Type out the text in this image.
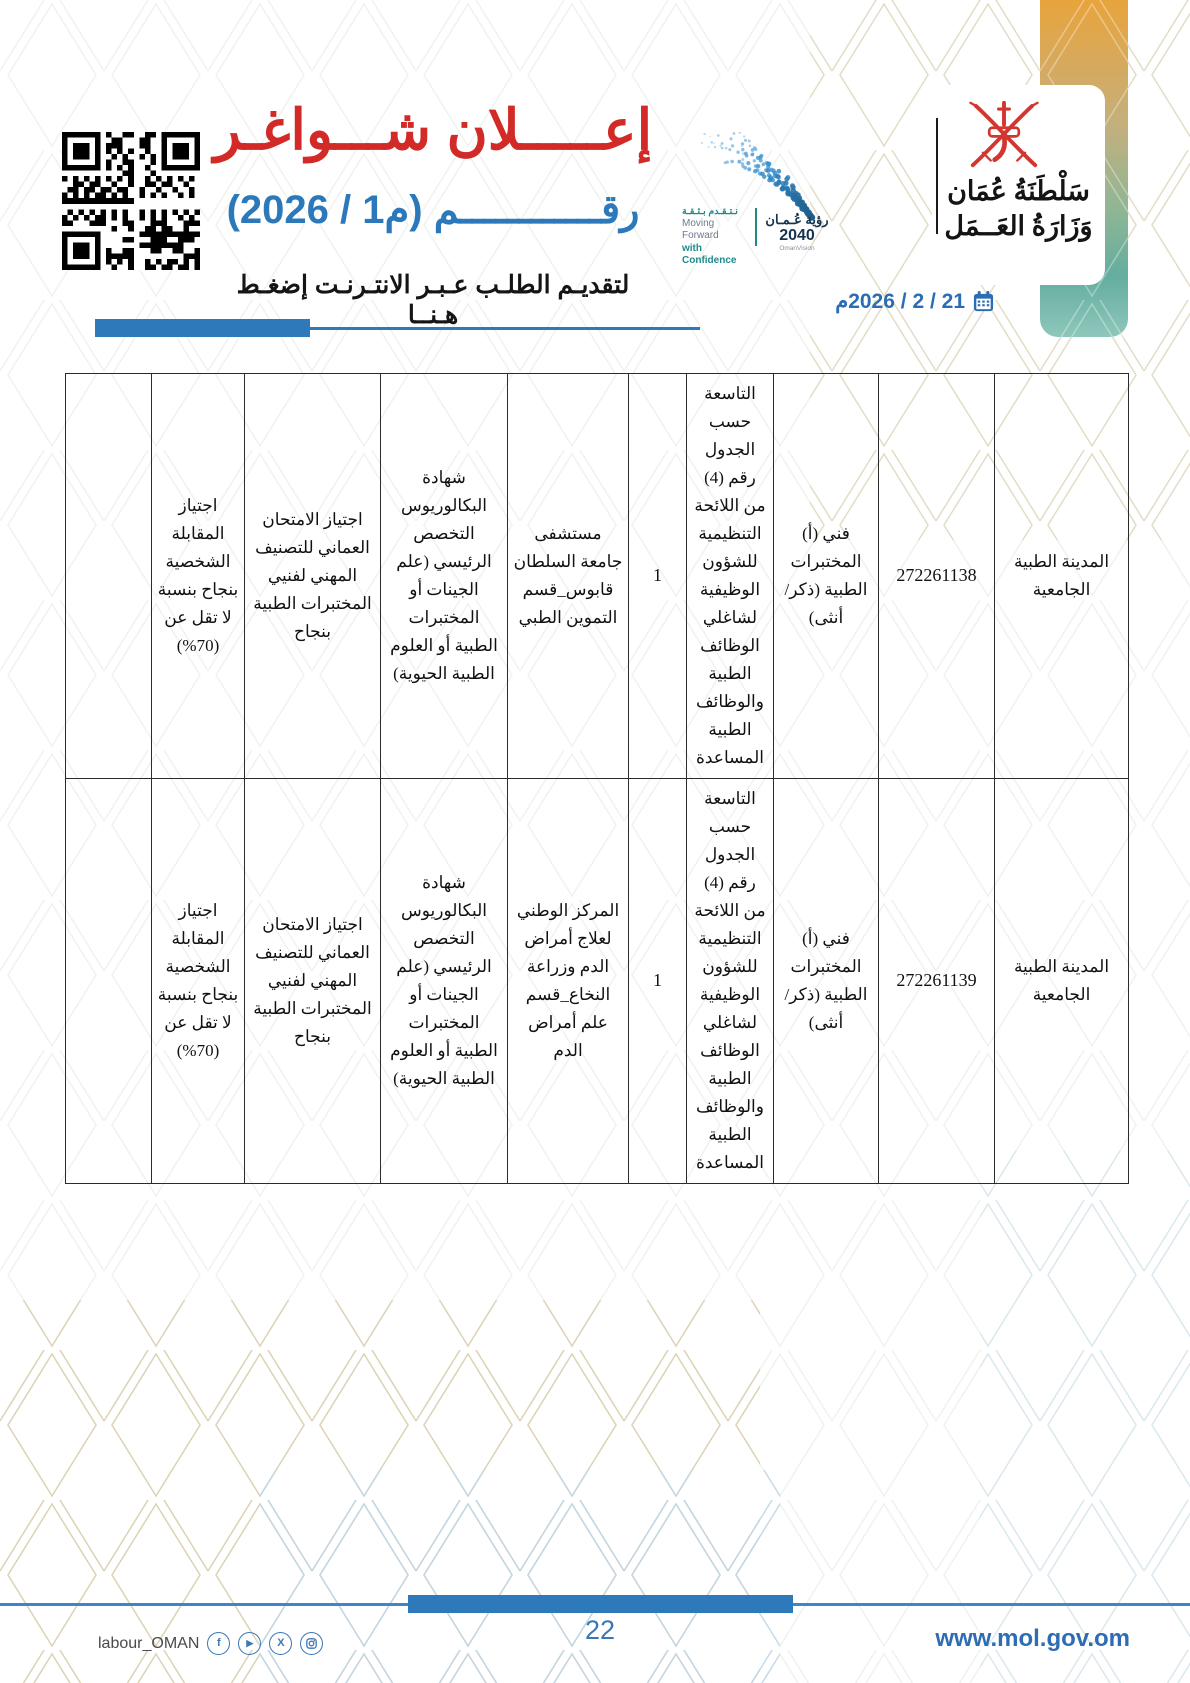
إعـــــلان شـــواغـر
رقــــــــــــم (م1 / 2026)
لتقديـم الطلـب عـبـر الانتـرنـت إضغـط هـنــا
نـتـقـدم بـثـقـة
Moving Forward
with Confidence
رؤية عُـمـان
2040
OmanVision
سَلْطَنَةُ عُمَان
وَزَارَةُ العَــمَل
21 / 2 / 2026م
المدينة الطبية الجامعية	272261138	فني (أ) المختبرات الطبية (ذكر/ أنثى)	التاسعة حسب الجدول رقم (4) من اللائحة التنظيمية للشؤون الوظيفية لشاغلي الوظائف الطبية والوظائف الطبية المساعدة	1	مستشفى جامعة السلطان قابوس_قسم التموين الطبي	شهادة البكالوريوس التخصص الرئيسي (علم الجينات أو المختبرات الطبية أو العلوم الطبية الحيوية)	اجتياز الامتحان العماني للتصنيف المهني لفنيي المختبرات الطبية بنجاح	اجتياز المقابلة الشخصية بنجاح بنسبة لا تقل عن (70%)	
المدينة الطبية الجامعية	272261139	فني (أ) المختبرات الطبية (ذكر/ أنثى)	التاسعة حسب الجدول رقم (4) من اللائحة التنظيمية للشؤون الوظيفية لشاغلي الوظائف الطبية والوظائف الطبية المساعدة	1	المركز الوطني لعلاج أمراض الدم وزراعة النخاع_قسم علم أمراض الدم	شهادة البكالوريوس التخصص الرئيسي (علم الجينات أو المختبرات الطبية أو العلوم الطبية الحيوية)	اجتياز الامتحان العماني للتصنيف المهني لفنيي المختبرات الطبية بنجاح	اجتياز المقابلة الشخصية بنجاح بنسبة لا تقل عن (70%)	
22
labour_OMAN	f	▶	X	www.mol.gov.om
